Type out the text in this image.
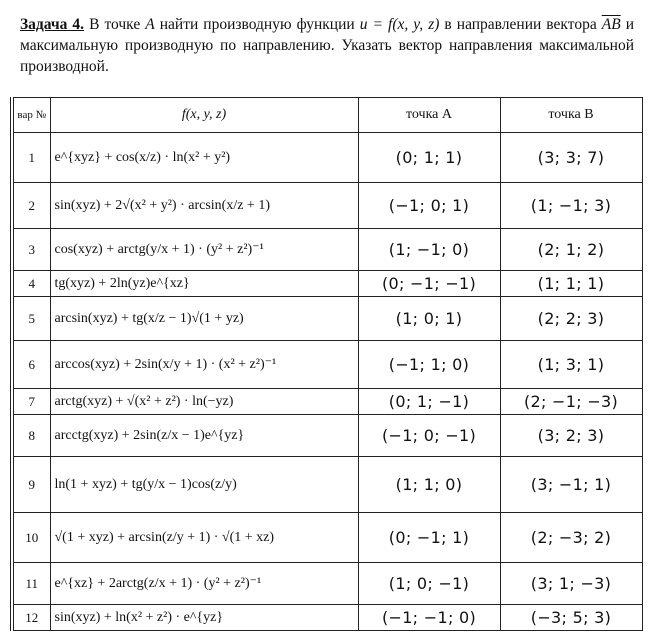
Задача 4. В точке A найти производную функции u = f(x, y, z) в направлении вектора $\overline{AB}$ и максимальную производную по направлению. Указать вектор направления максимальной производной.
вар №	f(x, y, z)	точка A	точка B
1	e^{xyz} + cos(x/z) · ln(x² + y²)	(0; 1; 1)	(3; 3; 7)
2	sin(xyz) + 2√(x² + y²) · arcsin(x/z + 1)	(−1; 0; 1)	(1; −1; 3)
3	cos(xyz) + arctg(y/x + 1) · (y² + z²)⁻¹	(1; −1; 0)	(2; 1; 2)
4	tg(xyz) + 2ln(yz)e^{xz}	(0; −1; −1)	(1; 1; 1)
5	arcsin(xyz) + tg(x/z − 1)√(1 + yz)	(1; 0; 1)	(2; 2; 3)
6	arccos(xyz) + 2sin(x/y + 1) · (x² + z²)⁻¹	(−1; 1; 0)	(1; 3; 1)
7	arctg(xyz) + √(x² + z²) · ln(−yz)	(0; 1; −1)	(2; −1; −3)
8	arcctg(xyz) + 2sin(z/x − 1)e^{yz}	(−1; 0; −1)	(3; 2; 3)
9	ln(1 + xyz) + tg(y/x − 1)cos(z/y)	(1; 1; 0)	(3; −1; 1)
10	√(1 + xyz) + arcsin(z/y + 1) · √(1 + xz)	(0; −1; 1)	(2; −3; 2)
11	e^{xz} + 2arctg(z/x + 1) · (y² + z²)⁻¹	(1; 0; −1)	(3; 1; −3)
12	sin(xyz) + ln(x² + z²) · e^{yz}	(−1; −1; 0)	(−3; 5; 3)
